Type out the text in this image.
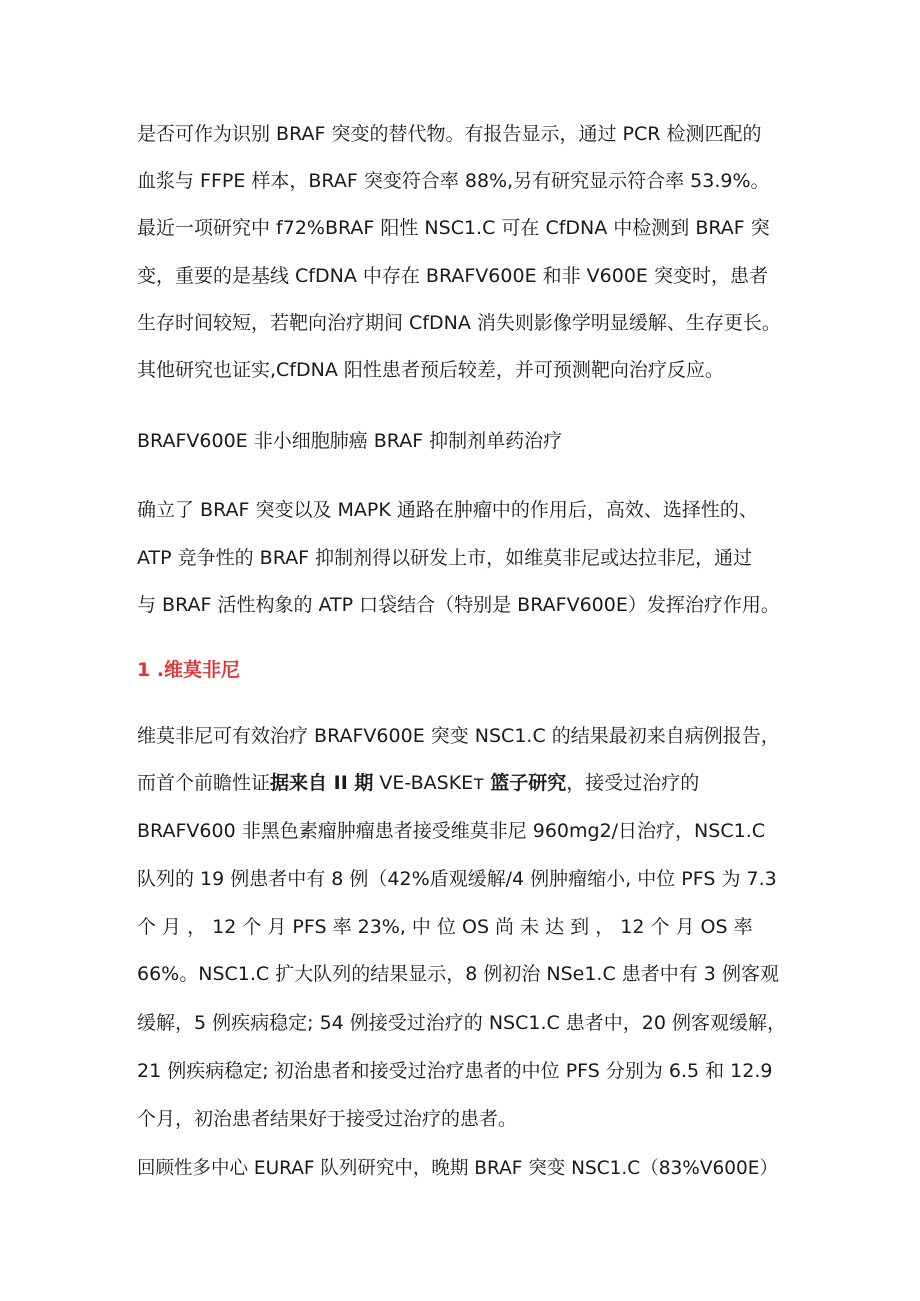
是否可作为识别 BRAF 突变的替代物。有报告显示，通过 PCR 检测匹配的
血浆与 FFPE 样本，BRAF 突变符合率 88%,另有研究显示符合率 53.9%。
最近一项研究中 f72%BRAF 阳性 NSC1.C 可在 CfDNA 中检测到 BRAF 突
变，重要的是基线 CfDNA 中存在 BRAFV600E 和非 V600E 突变时，患者
生存时间较短，若靶向治疗期间 CfDNA 消失则影像学明显缓解、生存更长。
其他研究也证实,CfDNA 阳性患者预后较差，并可预测靶向治疗反应。
BRAFV600E 非小细胞肺癌 BRAF 抑制剂单药治疗
确立了 BRAF 突变以及 MAPK 通路在肿瘤中的作用后，高效、选择性的、
ATP 竞争性的 BRAF 抑制剂得以研发上市，如维莫非尼或达拉非尼，通过
与 BRAF 活性构象的 ATP 口袋结合（特别是 BRAFV600E）发挥治疗作用。
1 .维莫非尼
维莫非尼可有效治疗 BRAFV600E 突变 NSC1.C 的结果最初来自病例报告，
而首个前瞻性证据来自 II 期 VE-BASKEᴛ 篮子研究，接受过治疗的
BRAFV600 非黑色素瘤肿瘤患者接受维莫非尼 960mg2/日治疗，NSC1.C
队列的 19 例患者中有 8 例（42%盾观缓解/4 例肿瘤缩小, 中位 PFS 为 7.3
个 月 ， 12 个 月 PFS 率 23%, 中 位 OS 尚 未 达 到 ， 12 个 月 OS 率
66%。NSC1.C 扩大队列的结果显示，8 例初治 NSe1.C 患者中有 3 例客观
缓解，5 例疾病稳定; 54 例接受过治疗的 NSC1.C 患者中，20 例客观缓解，
21 例疾病稳定; 初治患者和接受过治疗患者的中位 PFS 分别为 6.5 和 12.9
个月，初治患者结果好于接受过治疗的患者。
回顾性多中心 EURAF 队列研究中，晚期 BRAF 突变 NSC1.C（83%V600E）
